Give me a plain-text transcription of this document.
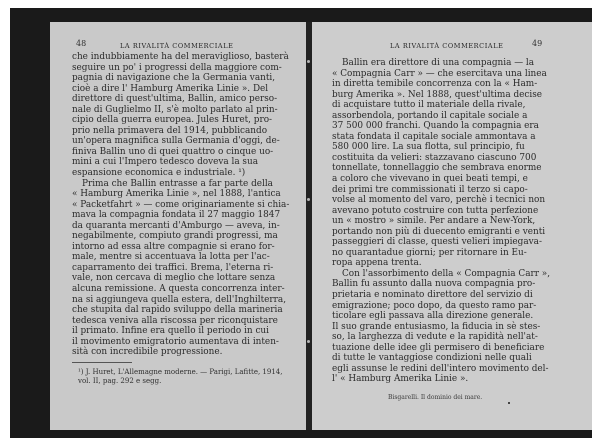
48	LA RIVALITÀ COMMERCIALE
che indubbiamente ha del meraviglioso, basterà
seguire un po' i progressi della maggiore com-
pagnia di navigazione che la Germania vanti,
cioè a dire l' Hamburg Amerika Linie ». Del
direttore di quest'ultima, Ballin, amico perso-
nale di Guglielmo II, s'è molto parlato al prin-
cipio della guerra europea. Jules Huret, pro-
prio nella primavera del 1914, pubblicando
un'opera magnifica sulla Germania d'oggi, de-
finiva Ballin uno di quei quattro o cinque uo-
mini a cui l'Impero tedesco doveva la sua
espansione economica e industriale. ¹)
Prima che Ballin entrasse a far parte della
« Hamburg Amerika Linie », nel 1888, l'antica
« Packetfahrt » — come originariamente si chia-
mava la compagnia fondata il 27 maggio 1847
da quaranta mercanti d'Amburgo — aveva, in-
negabilmente, compiuto grandi progressi, ma
intorno ad essa altre compagnie si erano for-
male, mentre si accentuava la lotta per l'ac-
caparramento dei traffici. Brema, l'eterna ri-
vale, non cercava di meglio che lottare senza
alcuna remissione. A questa concorrenza inter-
na si aggiungeva quella estera, dell'Inghilterra,
che stupita dal rapido sviluppo della marineria
tedesca veniva alla riscossa per riconquistare
il primato. Infine era quello il periodo in cui
il movimento emigratorio aumentava di inten-
sità con incredibile progressione.
¹) J. Huret, L'Allemagne moderne. — Parigi, Lafitte, 1914,
vol. II, pag. 292 e segg.
LA RIVALITÀ COMMERCIALE	49
Ballin era direttore di una compagnia — la
« Compagnia Carr » — che esercitava una linea
in diretta temibile concorrenza con la « Ham-
burg Amerika ». Nel 1888, quest'ultima decise
di acquistare tutto il materiale della rivale,
assorbendola, portando il capitale sociale a
37 500 000 franchi. Quando la compagnia era
stata fondata il capitale sociale ammontava a
580 000 lire. La sua flotta, sul principio, fu
costituita da velieri: stazzavano ciascuno 700
tonnellate, tonnellaggio che sembrava enorme
a coloro che vivevano in quei beati tempi, e
dei primi tre commissionati il terzo si capo-
volse al momento del varo, perchè i tecnici non
avevano potuto costruire con tutta perfezione
un « mostro » simile. Per andare a New-York,
portando non più di duecento emigranti e venti
passeggieri di classe, questi velieri impiegava-
no quarantadue giorni; per ritornare in Eu-
ropa appena trenta.
Con l'assorbimento della « Compagnia Carr »,
Ballin fu assunto dalla nuova compagnia pro-
prietaria e nominato direttore del servizio di
emigrazione; poco dopo, da questo ramo par-
ticolare egli passava alla direzione generale.
Il suo grande entusiasmo, la fiducia in sè stes-
so, la larghezza di vedute e la rapidità nell'at-
tuazione delle idee gli permisero di beneficiare
di tutte le vantaggiose condizioni nelle quali
egli assunse le redini dell'intero movimento del-
l' « Hamburg Amerika Linie ».
Bisgarelli. Il dominio dei mare.
